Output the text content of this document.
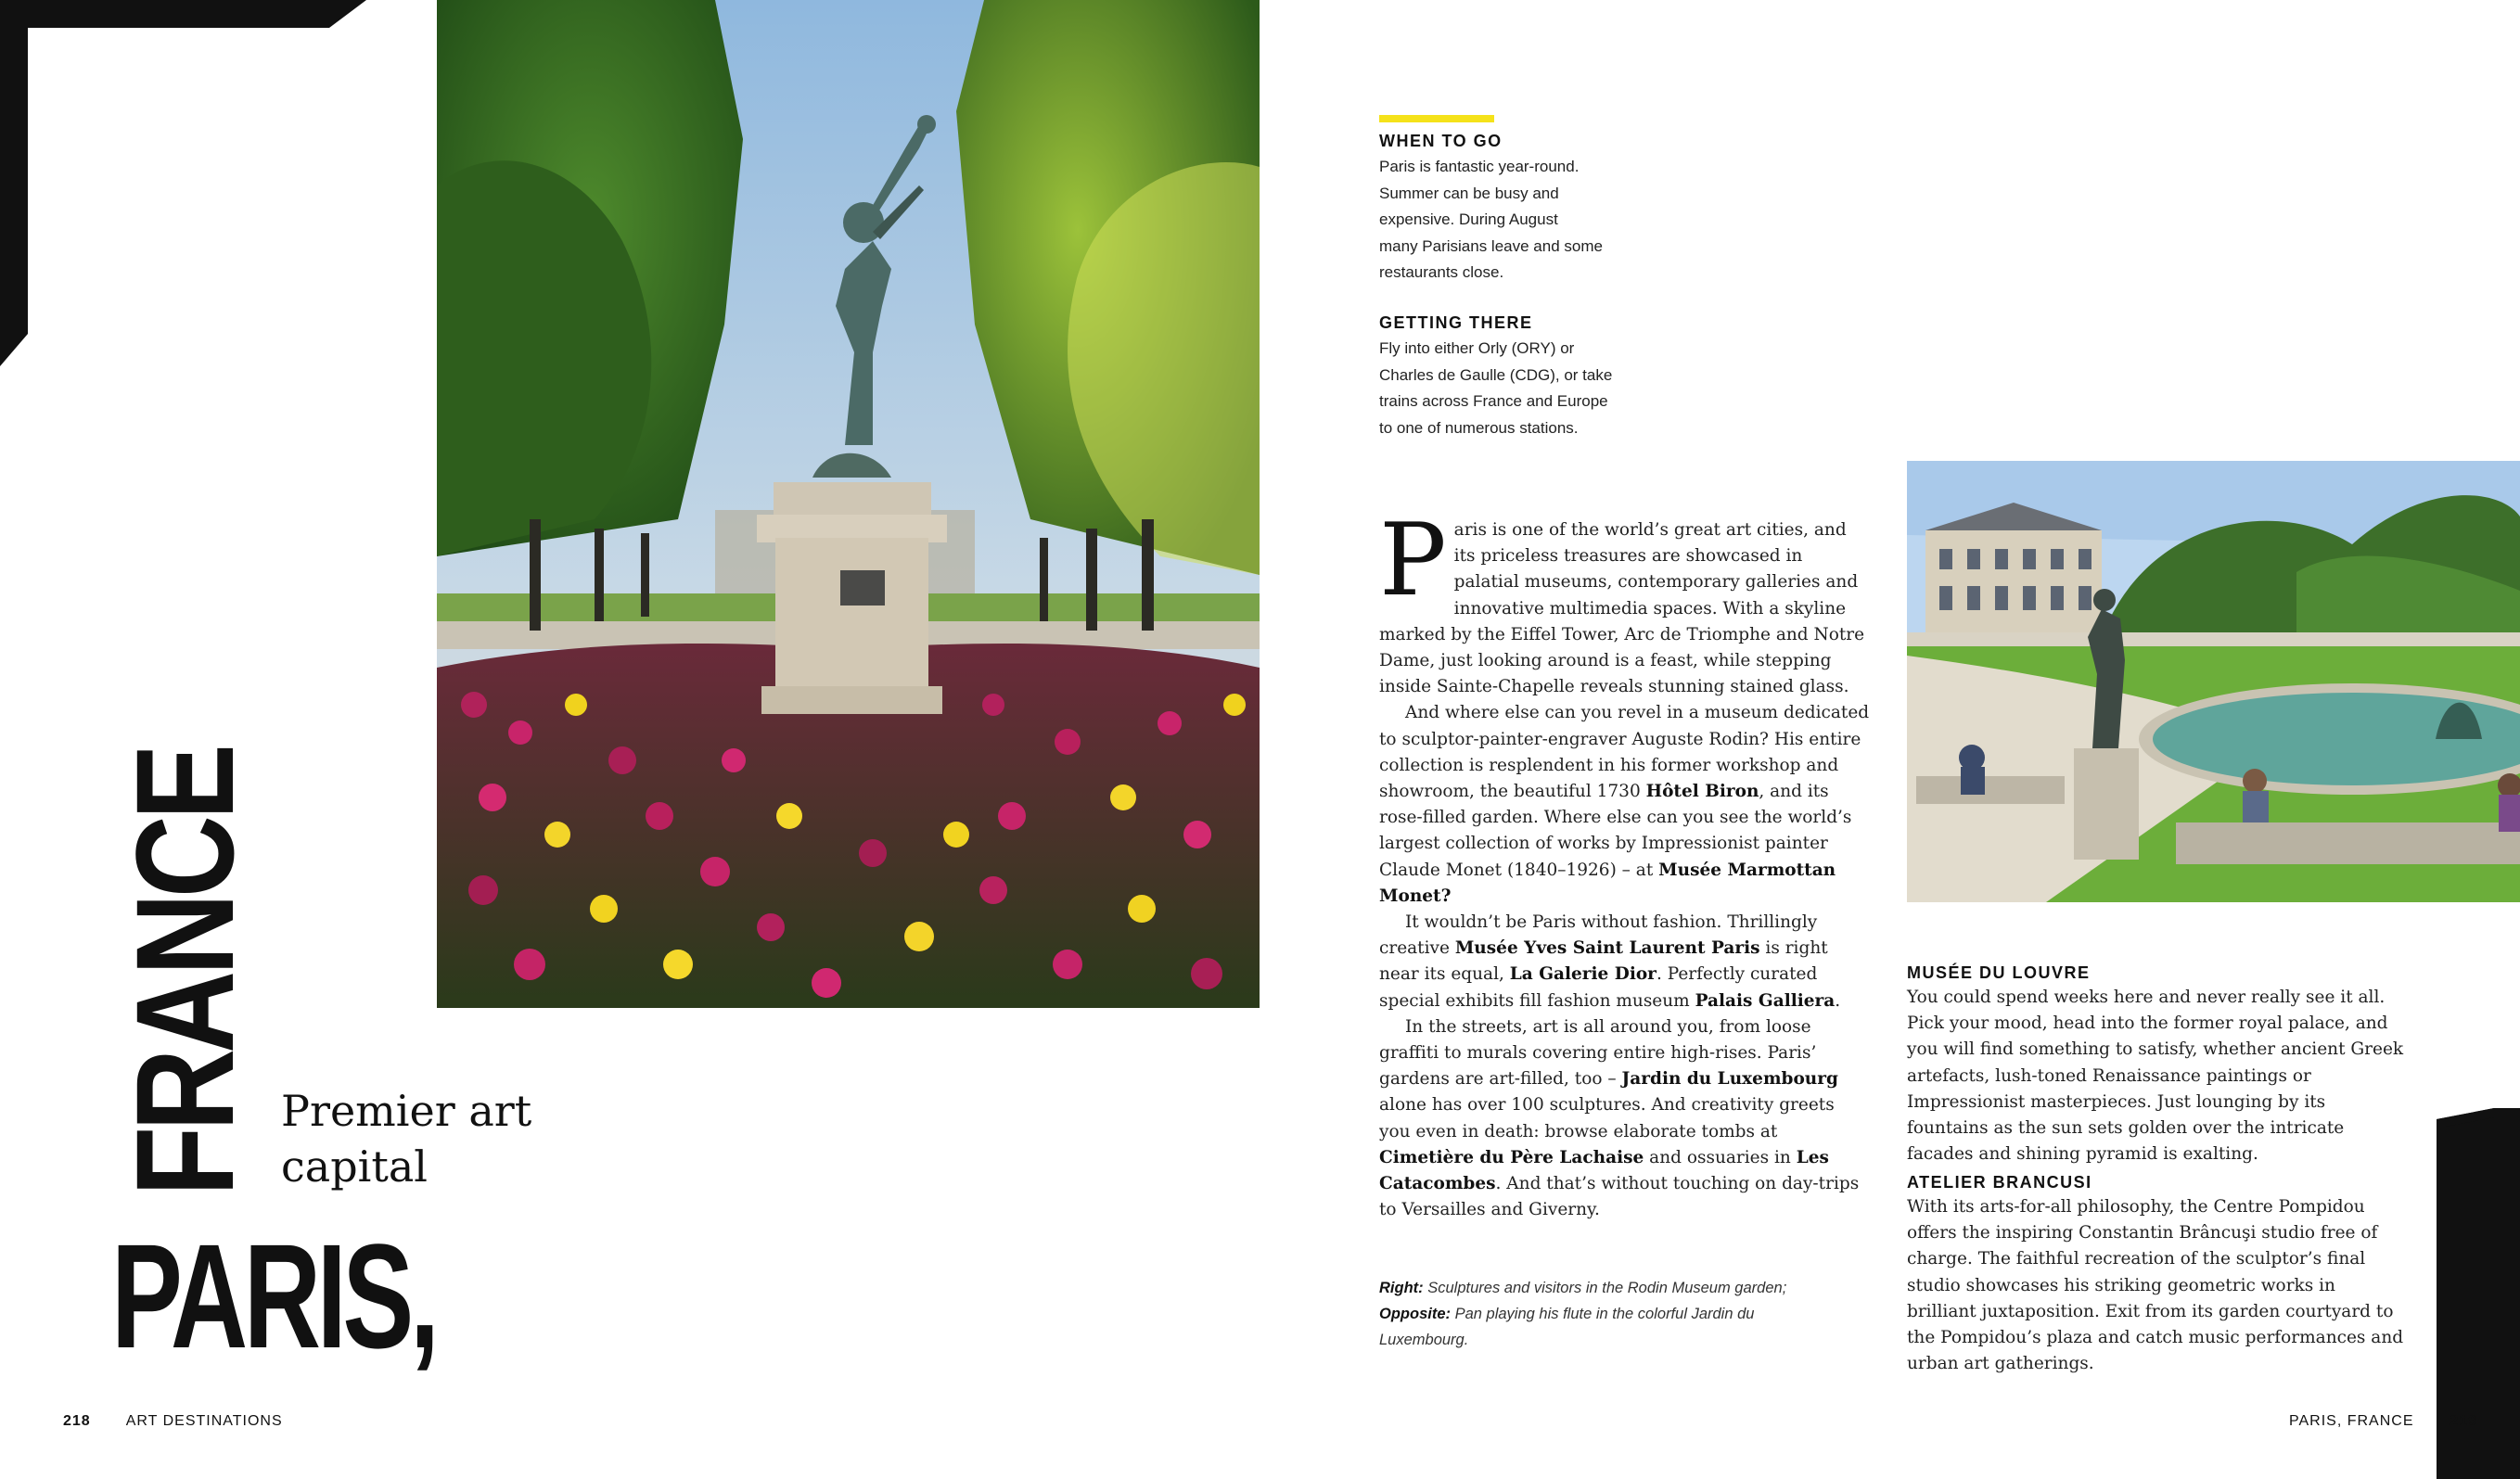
FRANCE
PARIS,
Premier art
capital
218 ART DESTINATIONS
WHEN TO GO
Paris is fantastic year-round.
Summer can be busy and
expensive. During August
many Parisians leave and some
restaurants close.
GETTING THERE
Fly into either Orly (ORY) or
Charles de Gaulle (CDG), or take
trains across France and Europe
to one of numerous stations.

Paris is one of the world’s great art cities, and its priceless treasures are showcased in palatial museums, contemporary galleries and innovative multimedia spaces. With a skyline marked by the Eiffel Tower, Arc de Triomphe and Notre Dame, just looking around is a feast, while stepping inside Sainte-Chapelle reveals stunning stained glass.

And where else can you revel in a museum dedicated to sculptor-painter-engraver Auguste Rodin? His entire collection is resplendent in his former workshop and showroom, the beautiful 1730 Hôtel Biron, and its rose-filled garden. Where else can you see the world’s largest collection of works by Impressionist painter Claude Monet (1840–1926) – at Musée Marmottan Monet?

It wouldn’t be Paris without fashion. Thrillingly creative Musée Yves Saint Laurent Paris is right near its equal, La Galerie Dior. Perfectly curated special exhibits fill fashion museum Palais Galliera.

In the streets, art is all around you, from loose graffiti to murals covering entire high-rises. Paris’ gardens are art-filled, too – Jardin du Luxembourg alone has over 100 sculptures. And creativity greets you even in death: browse elaborate tombs at Cimetière du Père Lachaise and ossuaries in Les Catacombes. And that’s without touching on day-trips to Versailles and Giverny.

Right: Sculptures and visitors in the Rodin Museum garden; Opposite: Pan playing his flute in the colorful Jardin du Luxembourg.
MUSÉE DU LOUVRE
You could spend weeks here and never really see it all. Pick your mood, head into the former royal palace, and you will find something to satisfy, whether ancient Greek artefacts, lush-toned Renaissance paintings or Impressionist masterpieces. Just lounging by its fountains as the sun sets golden over the intricate facades and shining pyramid is exalting.
ATELIER BRANCUSI
With its arts-for-all philosophy, the Centre Pompidou offers the inspiring Constantin Brâncuşi studio free of charge. The faithful recreation of the sculptor’s final studio showcases his striking geometric works in brilliant juxtaposition. Exit from its garden courtyard to the Pompidou’s plaza and catch music performances and urban art gatherings.
PARIS, FRANCE 219
